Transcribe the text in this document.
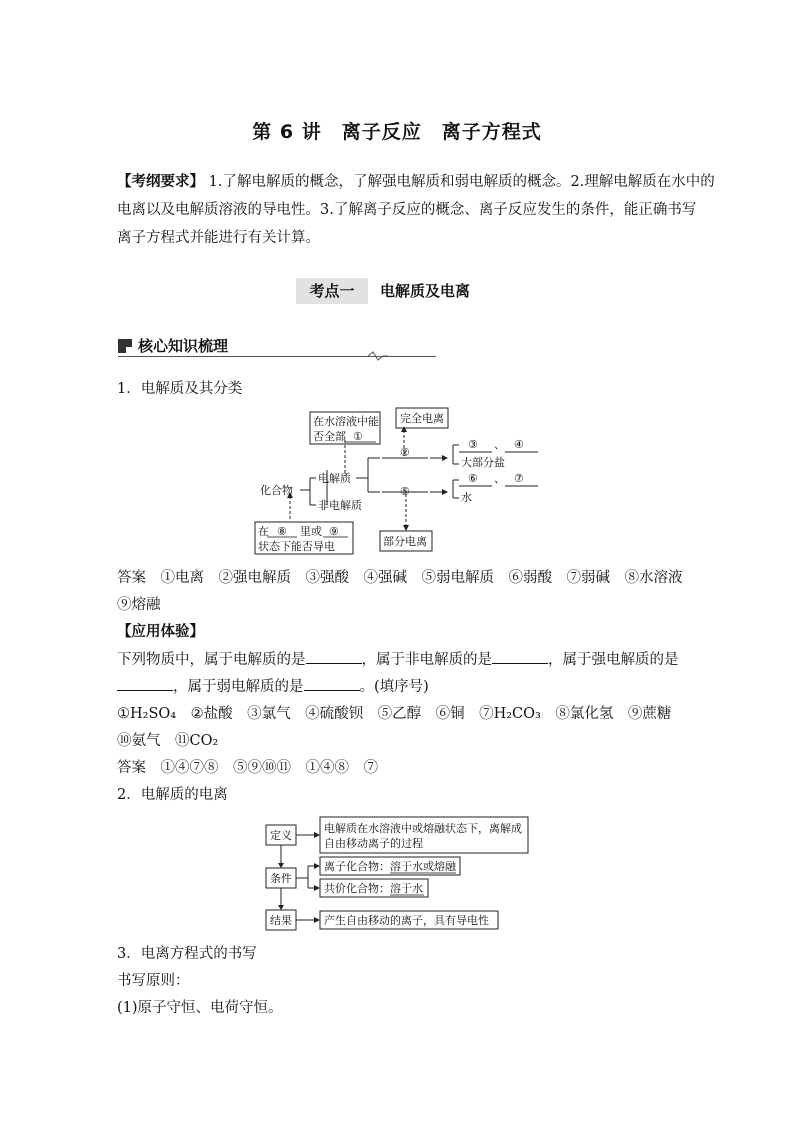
第 6 讲　离子反应　离子方程式
【考纲要求】 1.了解电解质的概念，了解强电解质和弱电解质的概念。2.理解电解质在水中的
电离以及电解质溶液的导电性。3.了解离子反应的概念、离子反应发生的条件，能正确书写
离子方程式并能进行有关计算。
考点一	电解质及电离
核心知识梳理
1．电解质及其分类
在水溶液中能
否全部 ①
完全电离
②
③ 、 ④
大部分盐
化合物
电解质
非电解质
⑤
⑥ 、 ⑦
水
在 ⑧ 里或 ⑨
状态下能否导电	部分电离
答案　 ①电离　②强电解质　③强酸　④强碱　⑤弱电解质　⑥弱酸　⑦弱碱　⑧水溶液
⑨熔融
【应用体验】
下列物质中，属于电解质的是	，属于非电解质的是	，属于强电解质的是
，属于弱电解质的是	。(填序号)
①H₂SO₄　②盐酸　③氯气　④硫酸钡　⑤乙醇　⑥铜　⑦H₂CO₃　⑧氯化氢　⑨蔗糖
⑩氨气　⑪CO₂
答案　 ①④⑦⑧　⑤⑨⑩⑪　①④⑧　⑦
2．电解质的电离
定义
条件
结果
电解质在水溶液中或熔融状态下，离解成
自由移动离子的过程
离子化合物： 溶于水或熔融
共价化合物： 溶于水
产生自由移动的离子，具有导电性
3．电离方程式的书写
书写原则：
(1)原子守恒、电荷守恒。
